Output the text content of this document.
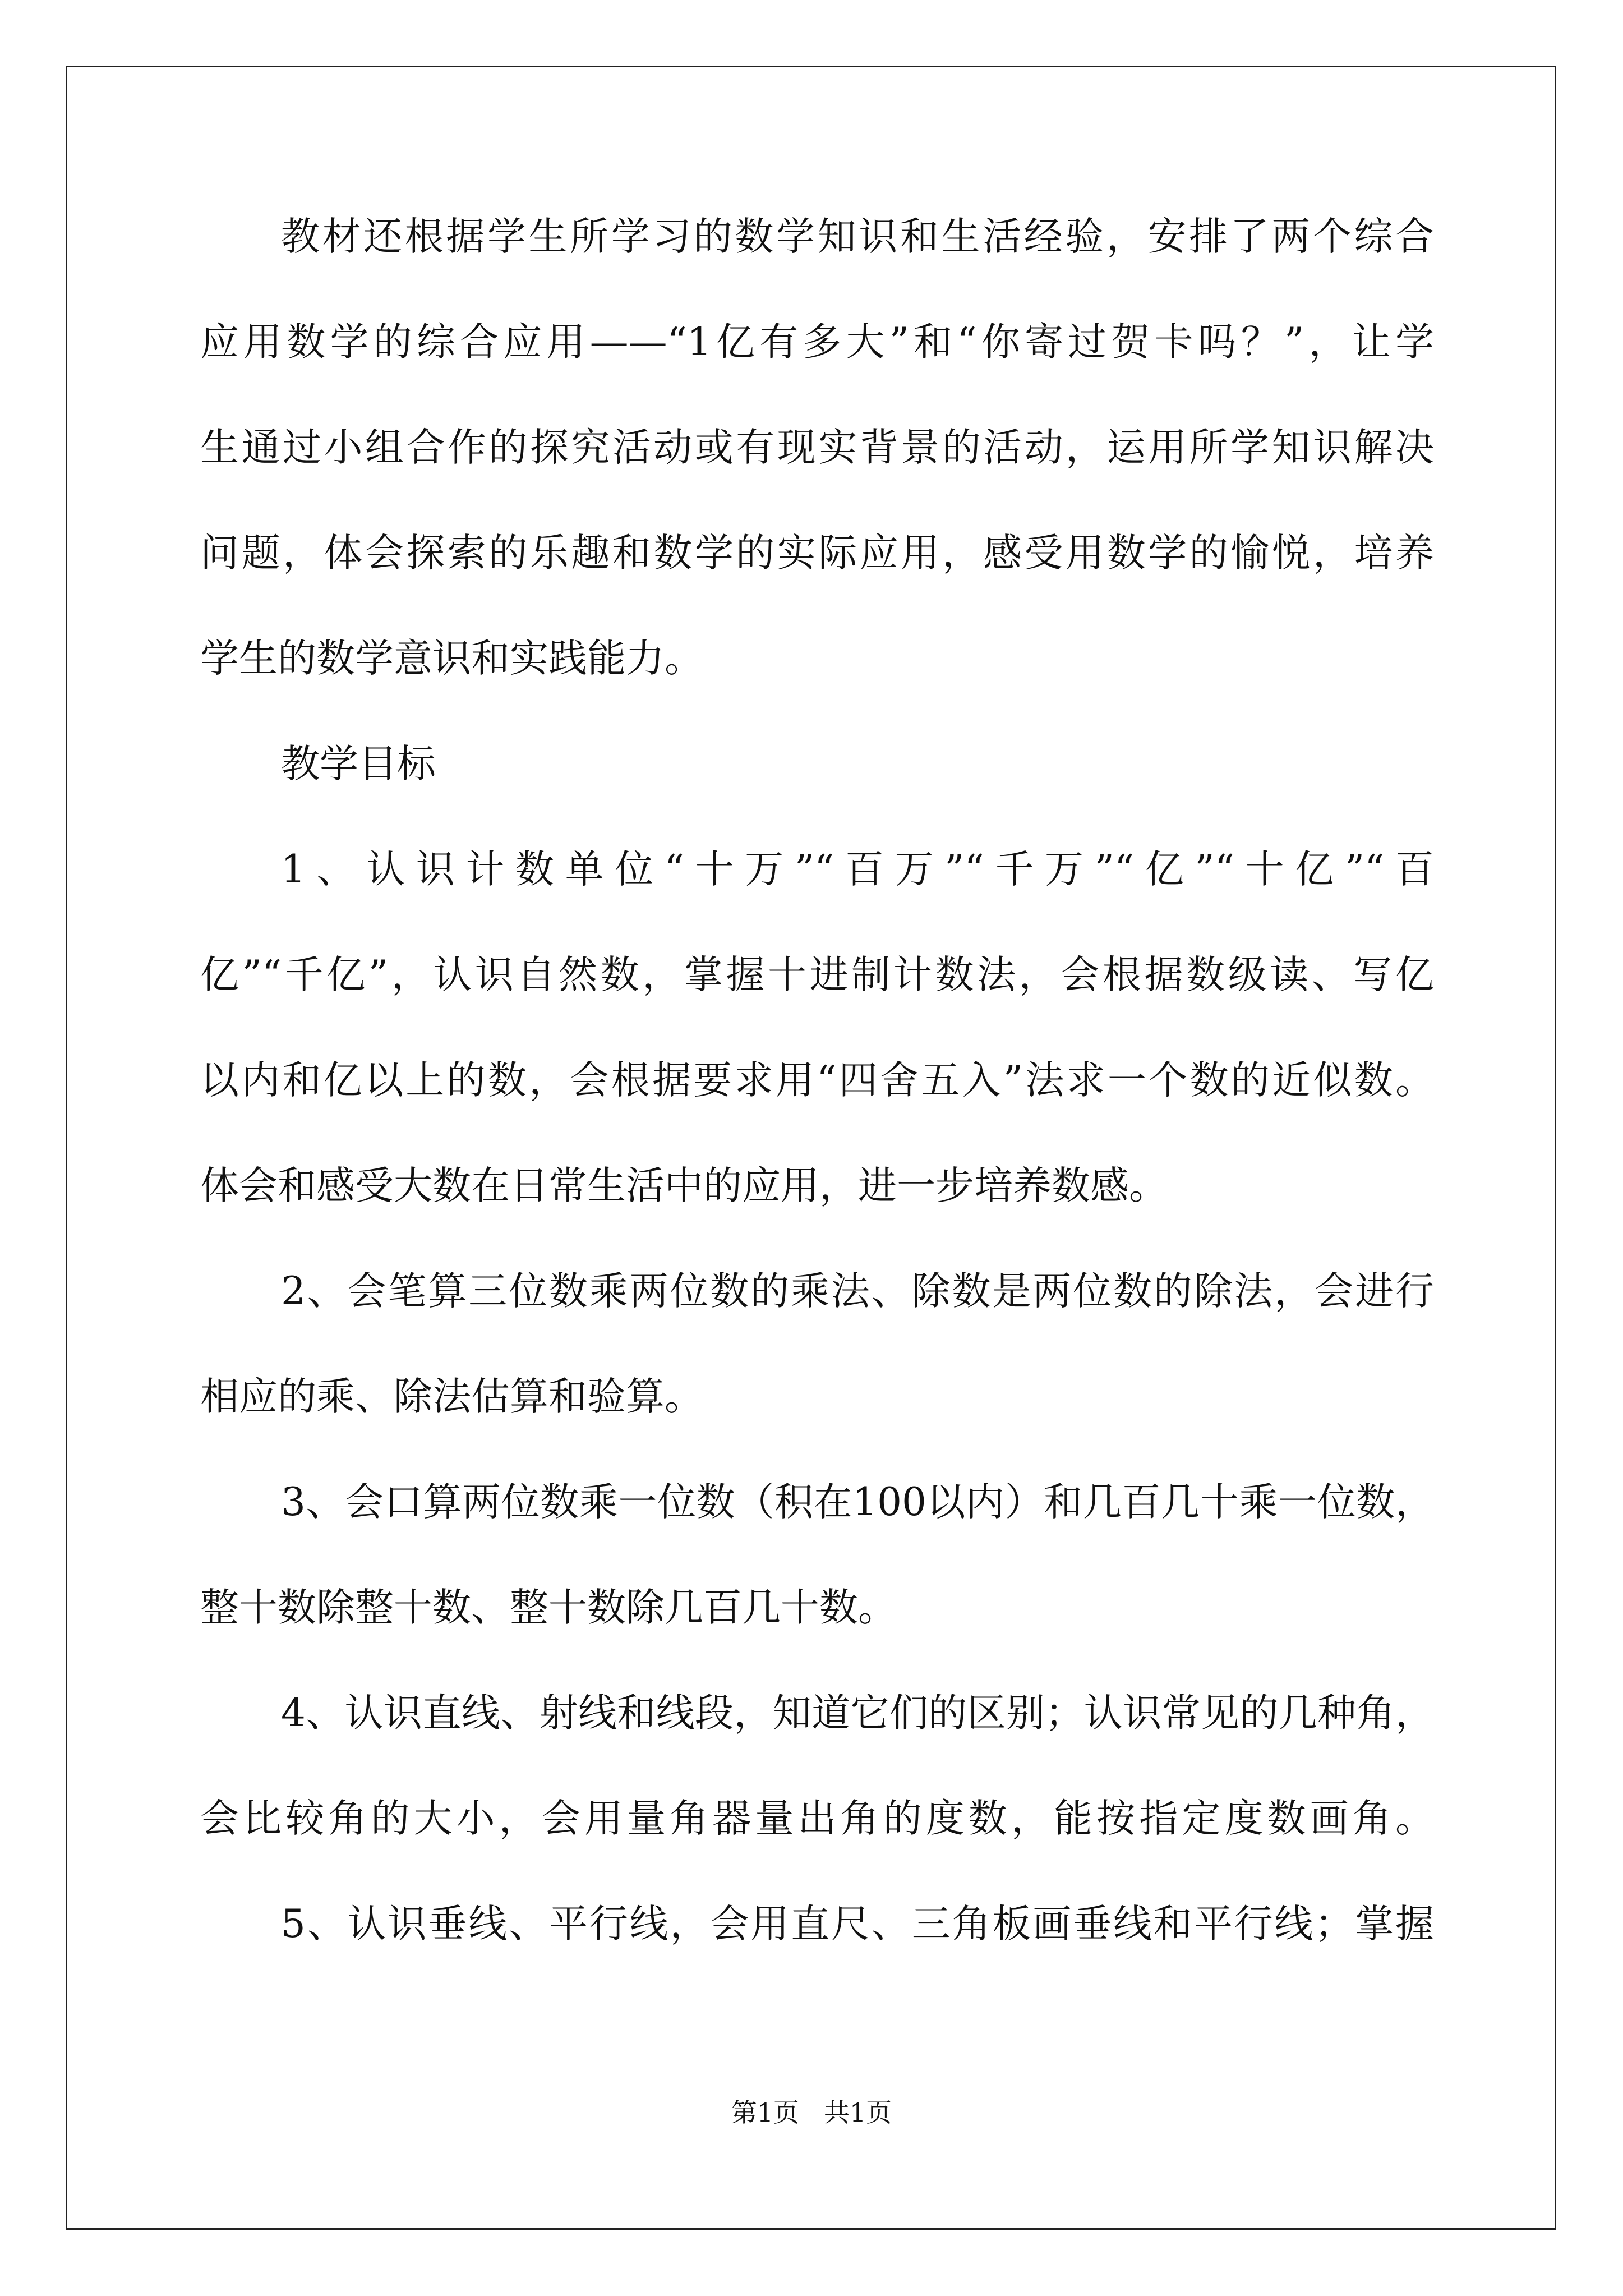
教材还根据学生所学习的数学知识和生活经验，安排了两个综合
应用数学的综合应用——“1亿有多大”和“你寄过贺卡吗？”，让学
生通过小组合作的探究活动或有现实背景的活动，运用所学知识解决
问题，体会探索的乐趣和数学的实际应用，感受用数学的愉悦，培养
学生的数学意识和实践能力。
教学目标
1、认识计数单位“十万”“百万”“千万”“亿”“十亿”“百
亿”“千亿”，认识自然数，掌握十进制计数法，会根据数级读、写亿
以内和亿以上的数，会根据要求用“四舍五入”法求一个数的近似数。
体会和感受大数在日常生活中的应用，进一步培养数感。
2、会笔算三位数乘两位数的乘法、除数是两位数的除法，会进行
相应的乘、除法估算和验算。
3、会口算两位数乘一位数（积在100以内）和几百几十乘一位数，
整十数除整十数、整十数除几百几十数。
4、认识直线、射线和线段，知道它们的区别；认识常见的几种角，
会比较角的大小，会用量角器量出角的度数，能按指定度数画角。
5、认识垂线、平行线，会用直尺、三角板画垂线和平行线；掌握
第1页 共1页
